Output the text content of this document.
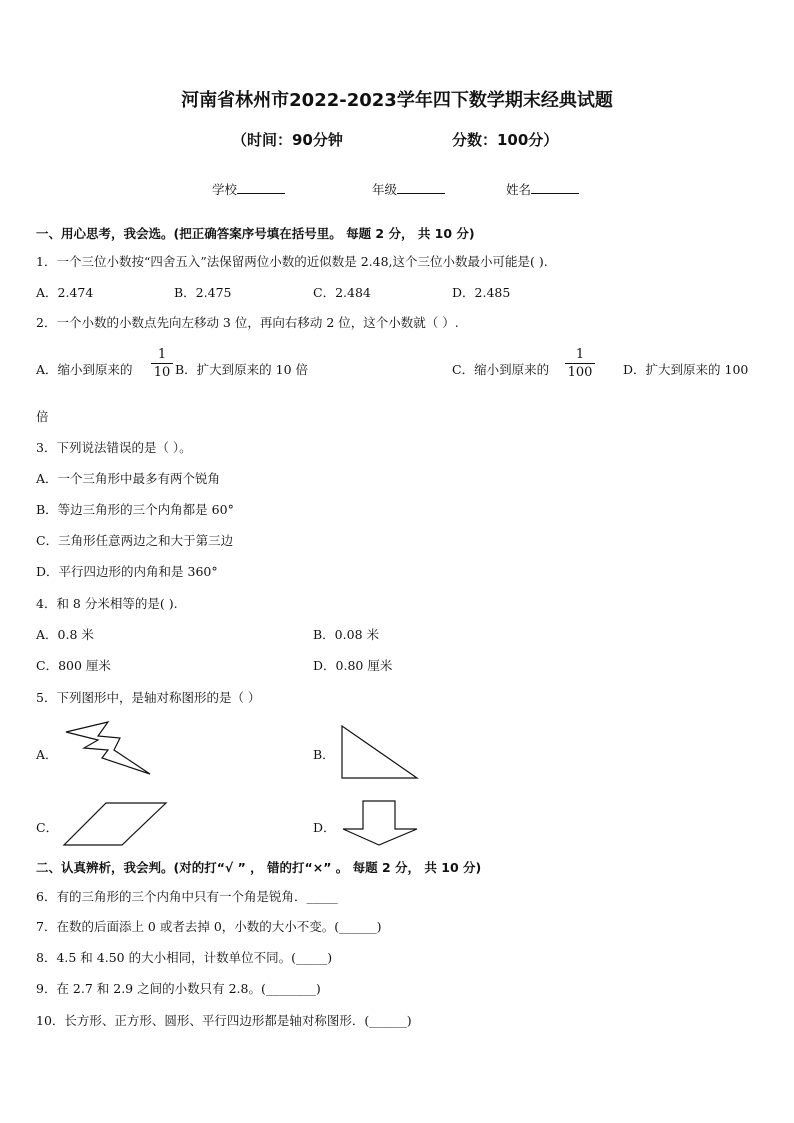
河南省林州市2022-2023学年四下数学期末经典试题
（时间：90分钟	分数：100分）
学校	年级	姓名
一、用心思考，我会选。(把正确答案序号填在括号里。 每题 2 分， 共 10 分)
1．一个三位小数按“四舍五入”法保留两位小数的近似数是 2.48,这个三位小数最小可能是( ).
A．2.474	B．2.475	C．2.484	D．2.485
2．一个小数的小数点先向左移动 3 位，再向右移动 2 位，这个小数就（ ）.
A．缩小到原来的
1
10 B．扩大到原来的 10 倍	C．缩小到原来的
1
100 D．扩大到原来的 100
倍
3．下列说法错误的是（ ）。
A．一个三角形中最多有两个锐角
B．等边三角形的三个内角都是 60°
C．三角形任意两边之和大于第三边
D．平行四边形的内角和是 360°
4．和 8 分米相等的是( ).
A．0.8 米	B．0.08 米
C．800 厘米	D．0.80 厘米
5．下列图形中，是轴对称图形的是（ ）
A．	B．
C．	D．
二、认真辨析，我会判。(对的打“√ ” ， 错的打“×” 。 每题 2 分， 共 10 分)
6．有的三角形的三个内角中只有一个角是锐角．_____
7．在数的后面添上 0 或者去掉 0，小数的大小不变。(______)
8．4.5 和 4.50 的大小相同，计数单位不同。(_____)
9．在 2.7 和 2.9 之间的小数只有 2.8。(________)
10．长方形、正方形、圆形、平行四边形都是轴对称图形．(______)
